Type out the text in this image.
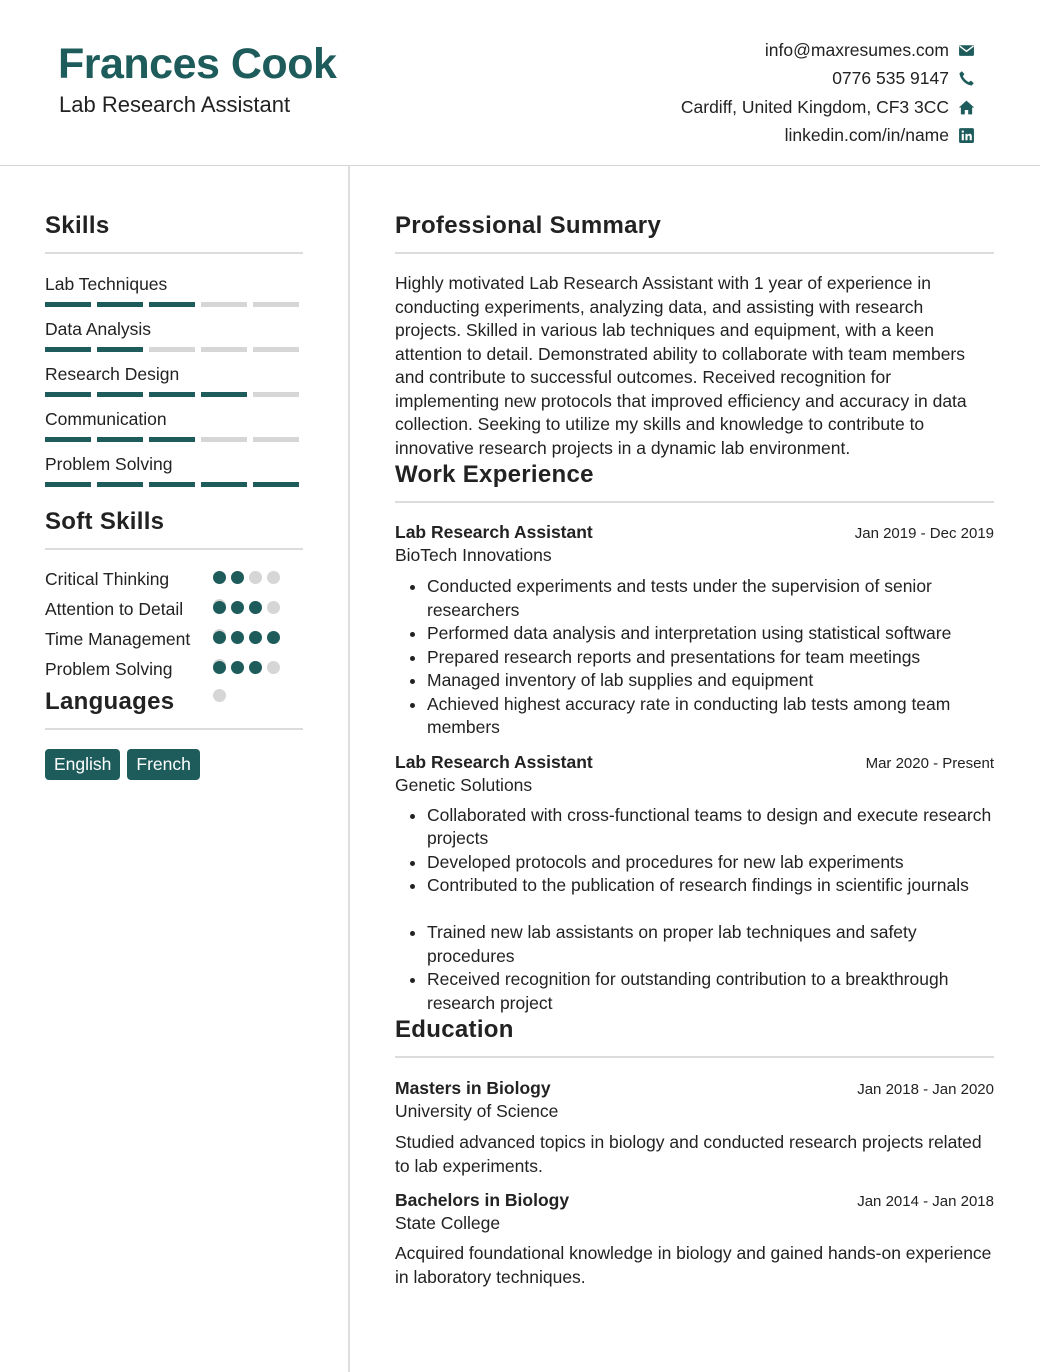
Frances Cook
Lab Research Assistant
info@maxresumes.com
0776 535 9147
Cardiff, United Kingdom, CF3 3CC
linkedin.com/in/name
Skills
Lab Techniques
Data Analysis
Research Design
Communication
Problem Solving
Soft Skills
Critical Thinking
Attention to Detail
Time Management
Problem Solving
Languages
English	French
Professional Summary

Highly motivated Lab Research Assistant with 1 year of experience in conducting experiments, analyzing data, and assisting with research projects. Skilled in various lab techniques and equipment, with a keen attention to detail. Demonstrated ability to collaborate with team members and contribute to successful outcomes. Received recognition for implementing new protocols that improved efficiency and accuracy in data collection. Seeking to utilize my skills and knowledge to contribute to innovative research projects in a dynamic lab environment.

Work Experience
Lab Research Assistant	Jan 2019 - Dec 2019
BioTech Innovations
• Conducted experiments and tests under the supervision of senior researchers
• Performed data analysis and interpretation using statistical software
• Prepared research reports and presentations for team meetings
• Managed inventory of lab supplies and equipment
• Achieved highest accuracy rate in conducting lab tests among team members
Lab Research Assistant	Mar 2020 - Present
Genetic Solutions
• Collaborated with cross-functional teams to design and execute research projects
• Developed protocols and procedures for new lab experiments
• Contributed to the publication of research findings in scientific journals
• Trained new lab assistants on proper lab techniques and safety procedures
• Received recognition for outstanding contribution to a breakthrough research project
Education
Masters in Biology	Jan 2018 - Jan 2020
University of Science

Studied advanced topics in biology and conducted research projects related to lab experiments.

Bachelors in Biology	Jan 2014 - Jan 2018
State College

Acquired foundational knowledge in biology and gained hands-on experience in laboratory techniques.
